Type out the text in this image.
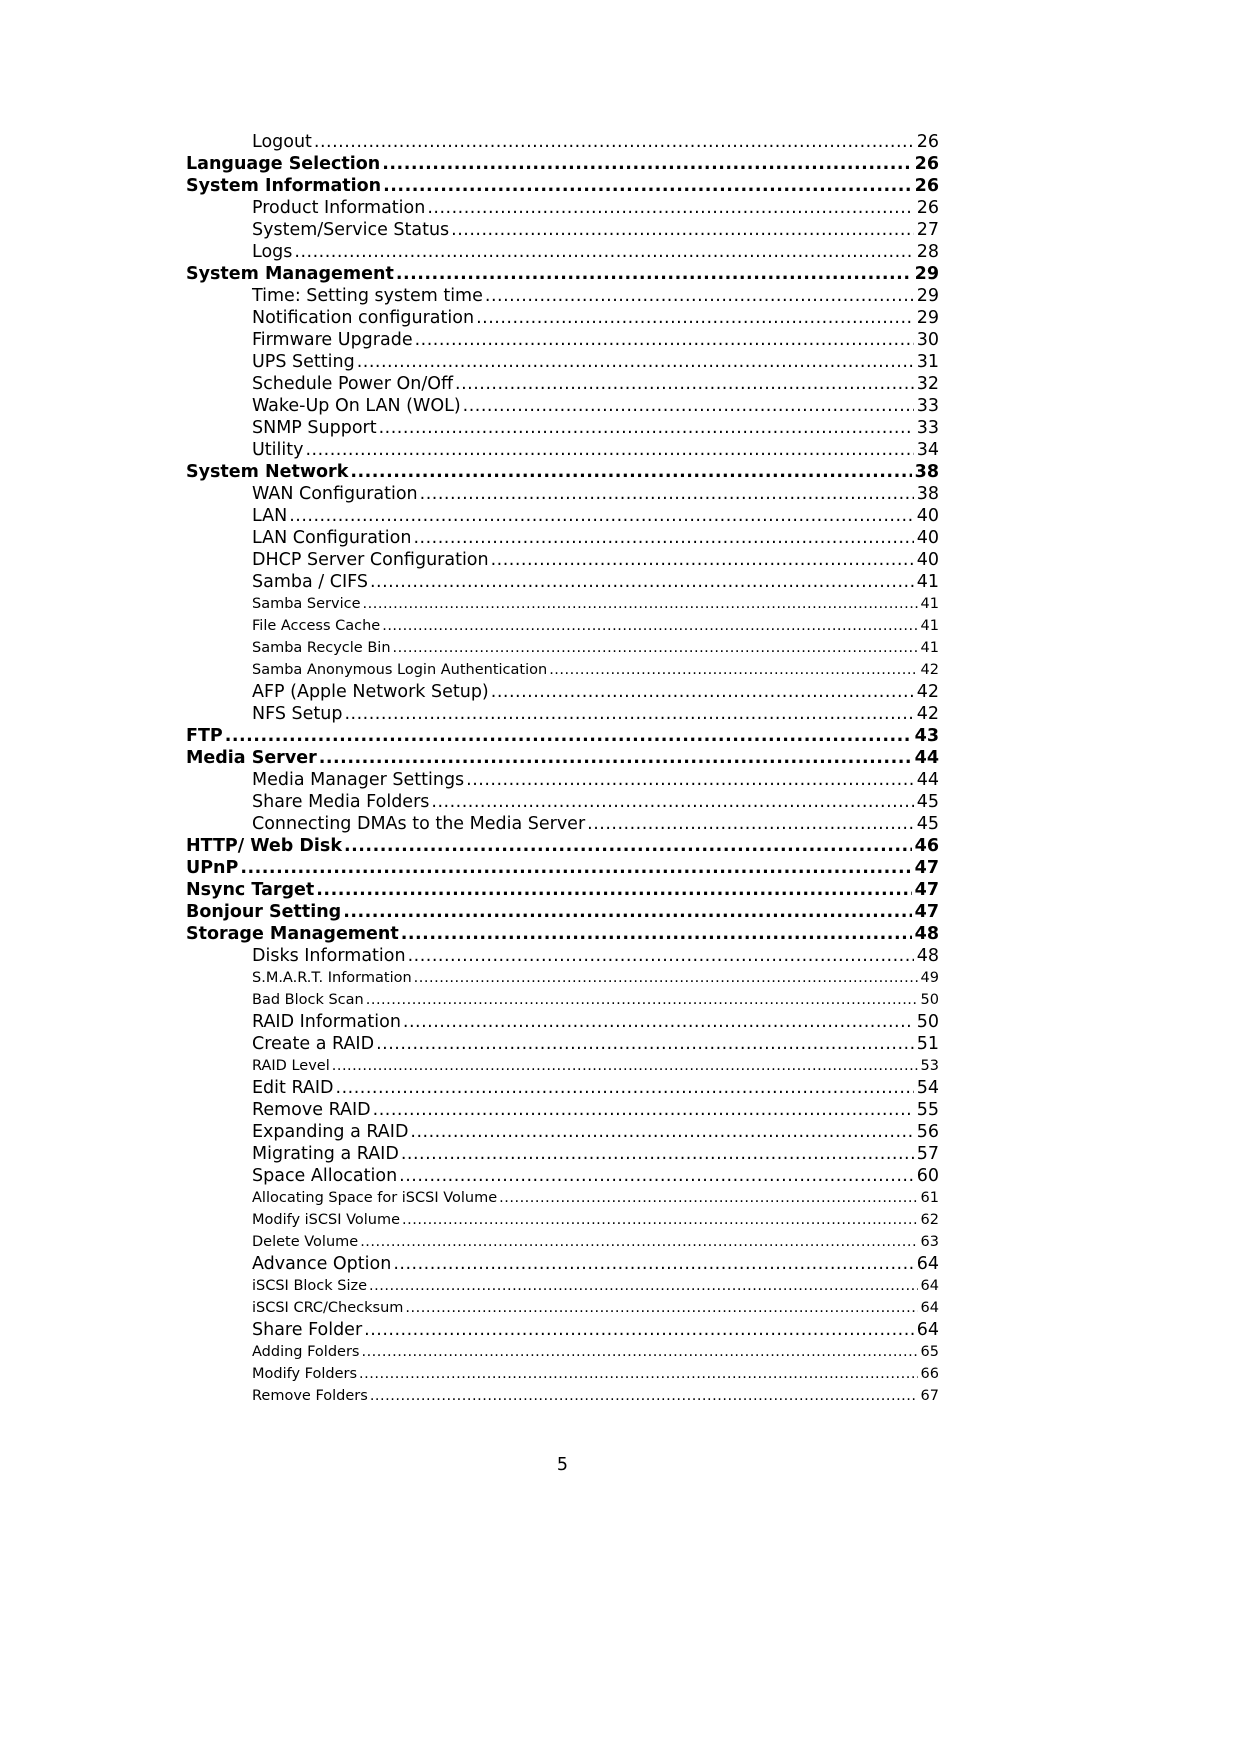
Logout .....	26
Language Selection .....	26
System Information .....	26
Product Information .....	26
System/Service Status .....	27
Logs .....	28
System Management .....	29
Time: Setting system time .....	29
Notification configuration .....	29
Firmware Upgrade .....	30
UPS Setting .....	31
Schedule Power On/Off .....	32
Wake-Up On LAN (WOL) .....	33
SNMP Support .....	33
Utility .....	34
System Network .....	38
WAN Configuration .....	38
LAN .....	40
LAN Configuration .....	40
DHCP Server Configuration .....	40
Samba / CIFS .....	41
Samba Service .....	41
File Access Cache .....	41
Samba Recycle Bin .....	41
Samba Anonymous Login Authentication .....	42
AFP (Apple Network Setup) .....	42
NFS Setup .....	42
FTP .....	43
Media Server .....	44
Media Manager Settings .....	44
Share Media Folders .....	45
Connecting DMAs to the Media Server .....	45
HTTP/ Web Disk .....	46
UPnP .....	47
Nsync Target .....	47
Bonjour Setting .....	47
Storage Management .....	48
Disks Information .....	48
S.M.A.R.T. Information .....	49
Bad Block Scan .....	50
RAID Information .....	50
Create a RAID .....	51
RAID Level .....	53
Edit RAID .....	54
Remove RAID .....	55
Expanding a RAID .....	56
Migrating a RAID .....	57
Space Allocation .....	60
Allocating Space for iSCSI Volume .....	61
Modify iSCSI Volume .....	62
Delete Volume .....	63
Advance Option .....	64
iSCSI Block Size .....	64
iSCSI CRC/Checksum .....	64
Share Folder .....	64
Adding Folders .....	65
Modify Folders .....	66
Remove Folders .....	67
5
